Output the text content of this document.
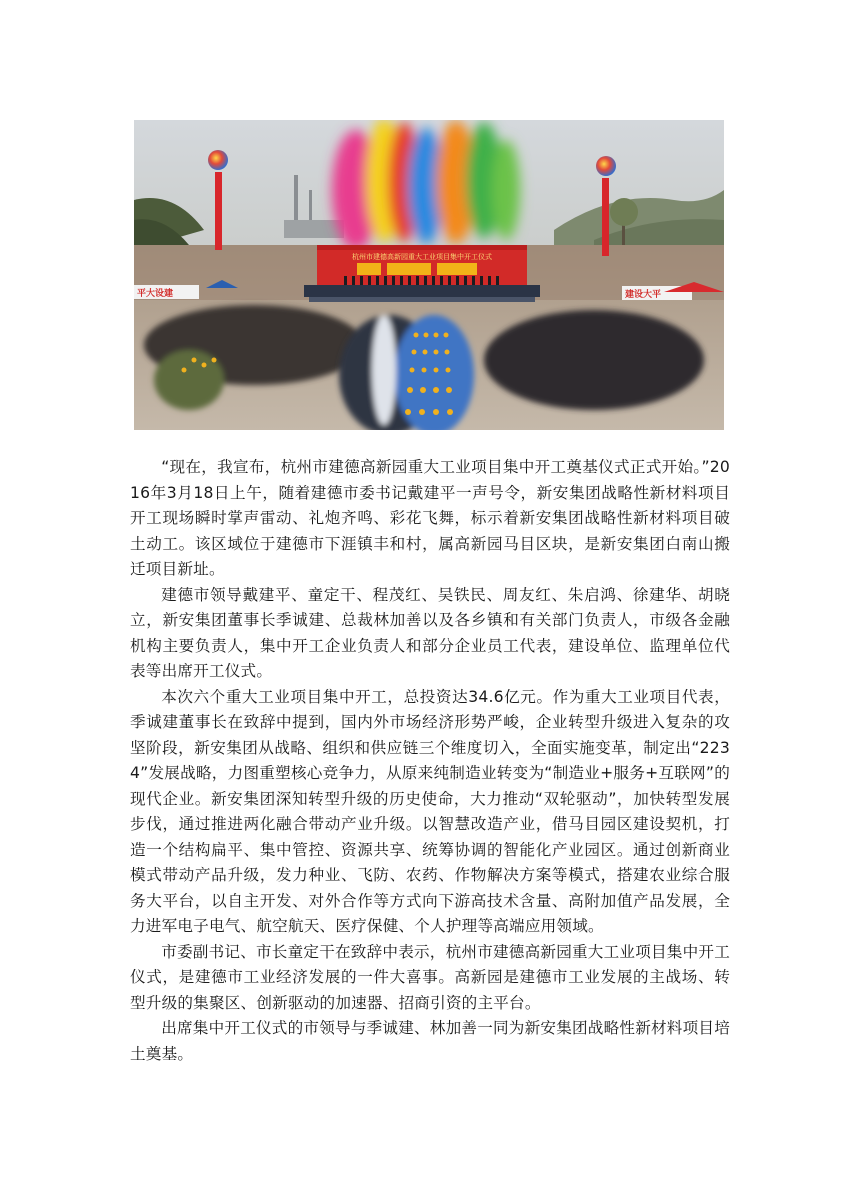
杭州市建德高新园重大工业项目集中开工仪式
平大设建	建设大平

“现在，我宣布，杭州市建德高新园重大工业项目集中开工奠基仪式正式开始。”2016年3月18日上午，随着建德市委书记戴建平一声号令，新安集团战略性新材料项目开工现场瞬时掌声雷动、礼炮齐鸣、彩花飞舞，标示着新安集团战略性新材料项目破土动工。该区域位于建德市下涯镇丰和村，属高新园马目区块，是新安集团白南山搬迁项目新址。

建德市领导戴建平、童定干、程茂红、吴铁民、周友红、朱启鸿、徐建华、胡晓立，新安集团董事长季诚建、总裁林加善以及各乡镇和有关部门负责人，市级各金融机构主要负责人，集中开工企业负责人和部分企业员工代表，建设单位、监理单位代表等出席开工仪式。

本次六个重大工业项目集中开工，总投资达34.6亿元。作为重大工业项目代表，季诚建董事长在致辞中提到，国内外市场经济形势严峻，企业转型升级进入复杂的攻坚阶段，新安集团从战略、组织和供应链三个维度切入，全面实施变革，制定出“2234”发展战略，力图重塑核心竞争力，从原来纯制造业转变为“制造业+服务+互联网”的现代企业。新安集团深知转型升级的历史使命，大力推动“双轮驱动”，加快转型发展步伐，通过推进两化融合带动产业升级。以智慧改造产业，借马目园区建设契机，打造一个结构扁平、集中管控、资源共享、统筹协调的智能化产业园区。通过创新商业模式带动产品升级，发力种业、飞防、农药、作物解决方案等模式，搭建农业综合服务大平台，以自主开发、对外合作等方式向下游高技术含量、高附加值产品发展，全力进军电子电气、航空航天、医疗保健、个人护理等高端应用领域。

市委副书记、市长童定干在致辞中表示，杭州市建德高新园重大工业项目集中开工仪式，是建德市工业经济发展的一件大喜事。高新园是建德市工业发展的主战场、转型升级的集聚区、创新驱动的加速器、招商引资的主平台。

出席集中开工仪式的市领导与季诚建、林加善一同为新安集团战略性新材料项目培土奠基。
